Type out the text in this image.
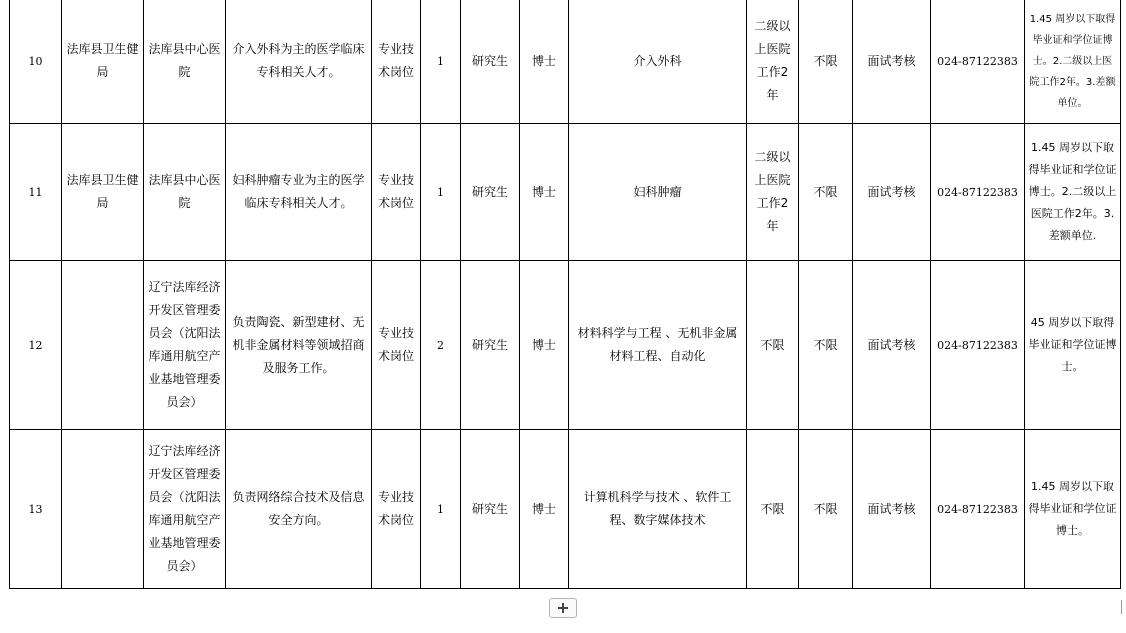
10	法库县卫生健局	法库县中心医院	介入外科为主的医学临床专科相关人才。	专业技术岗位	1	研究生	博士	介入外科	二级以上医院工作2年	不限	面试考核	024-87122383	1.45 周岁以下取得毕业证和学位证博士。2.二级以上医院工作2年。3.差额单位。
11	法库县卫生健局	法库县中心医院	妇科肿瘤专业为主的医学临床专科相关人才。	专业技术岗位	1	研究生	博士	妇科肿瘤	二级以上医院工作2年	不限	面试考核	024-87122383	1.45 周岁以下取得毕业证和学位证博士。2.二级以上医院工作2年。3.差额单位.
12		辽宁法库经济开发区管理委员会（沈阳法库通用航空产业基地管理委员会）	负责陶瓷、新型建材、无机非金属材料等领域招商及服务工作。	专业技术岗位	2	研究生	博士	材料科学与工程 、无机非金属材料工程、自动化	不限	不限	面试考核	024-87122383	45 周岁以下取得毕业证和学位证博士。
13		辽宁法库经济开发区管理委员会（沈阳法库通用航空产业基地管理委员会）	负责网络综合技术及信息安全方向。	专业技术岗位	1	研究生	博士	计算机科学与技术 、软件工程、数字媒体技术	不限	不限	面试考核	024-87122383	1.45 周岁以下取得毕业证和学位证博士。
